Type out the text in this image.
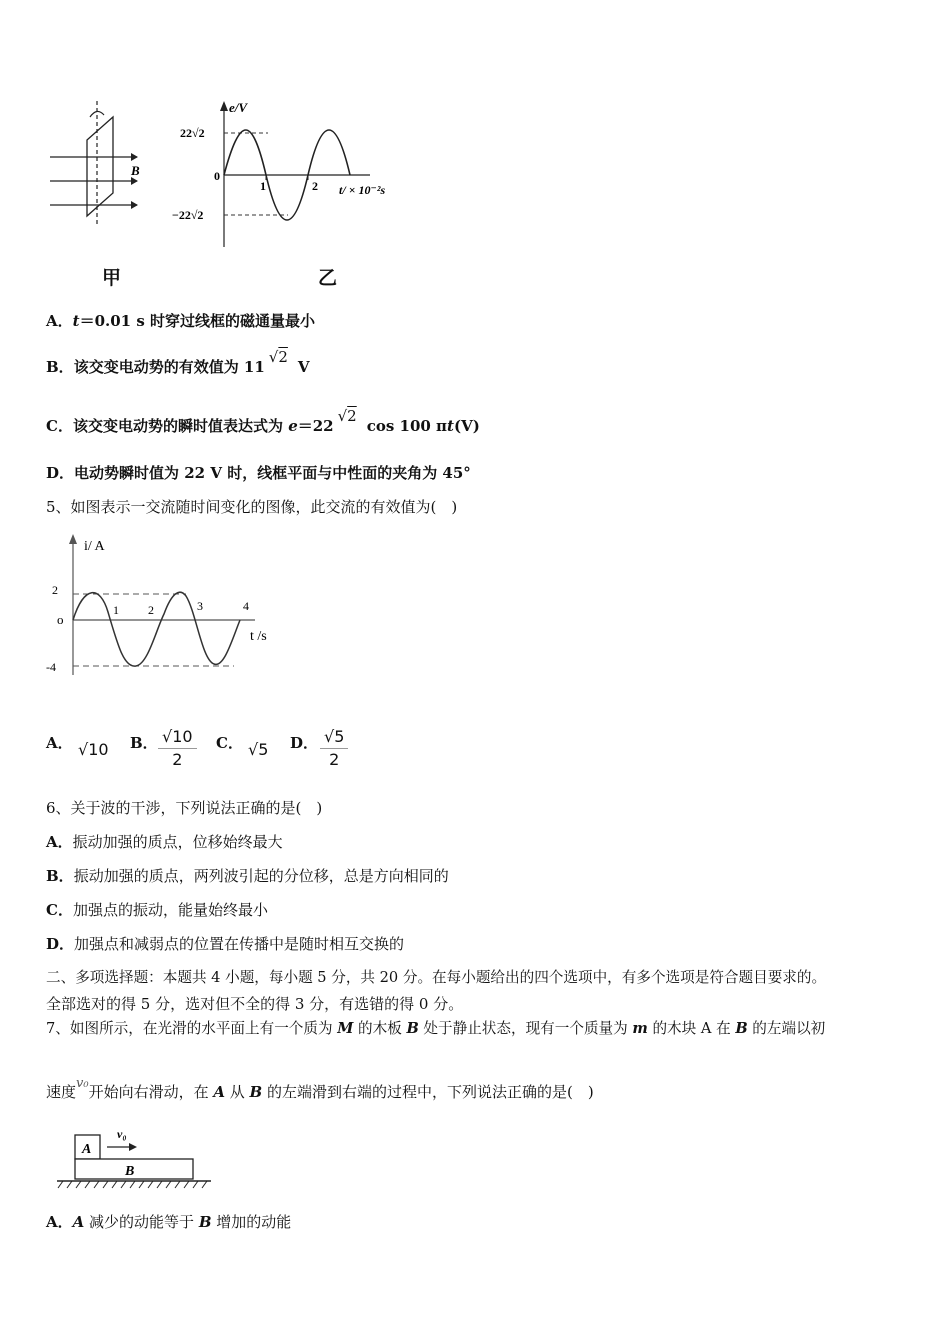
B
甲
e/V
22√2
−22√2
0
1	2 t/ × 10⁻²s
乙
A．t＝0.01 s 时穿过线框的磁通量最小
B．该交变电动势的有效值为 11√2V
C．该交变电动势的瞬时值表达式为 e＝22√2cos 100 πt(V)
D．电动势瞬时值为 22 V 时，线框平面与中性面的夹角为 45°
5、如图表示一交流随时间变化的图像，此交流的有效值为(　)
i/ A
t /s
2
-4
o
1 2	3	4
A． √10 B． $\frac{√10}{2}$ C． √5 D． $\frac{√5}{2}$
6、关于波的干涉，下列说法正确的是(　)
A．振动加强的质点，位移始终最大
B．振动加强的质点，两列波引起的分位移，总是方向相同的
C．加强点的振动，能量始终最小
D．加强点和减弱点的位置在传播中是随时相互交换的
二、多项选择题：本题共 4 小题，每小题 5 分，共 20 分。在每小题给出的四个选项中，有多个选项是符合题目要求的。
全部选对的得 5 分，选对但不全的得 3 分，有选错的得 0 分。
7、如图所示，在光滑的水平面上有一个质为 M 的木板 B 处于静止状态，现有一个质量为 m 的木块 A 在 B 的左端以初
速度v₀开始向右滑动，在 A 从 B 的左端滑到右端的过程中，下列说法正确的是(　)
A
B
v₀
A．A 减少的动能等于 B 增加的动能
